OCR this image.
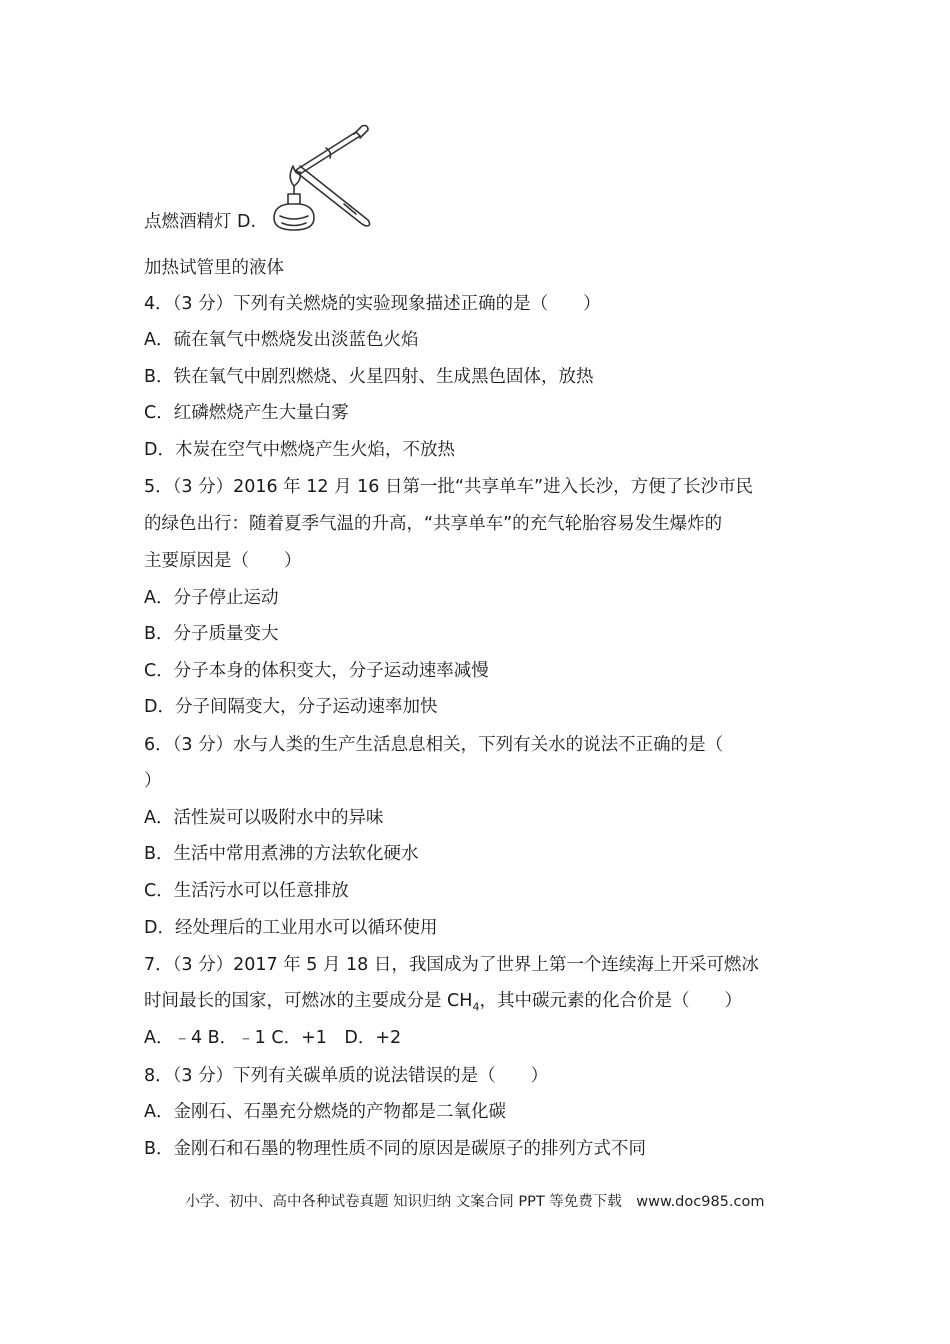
点燃酒精灯 D.
加热试管里的液体
4．（3 分）下列有关燃烧的实验现象描述正确的是（　　）
A．硫在氧气中燃烧发出淡蓝色火焰
B．铁在氧气中剧烈燃烧、火星四射、生成黑色固体，放热
C．红磷燃烧产生大量白雾
D．木炭在空气中燃烧产生火焰，不放热
5．（3 分）2016 年 12 月 16 日第一批“共享单车”进入长沙，方便了长沙市民
的绿色出行：随着夏季气温的升高，“共享单车”的充气轮胎容易发生爆炸的
主要原因是（　　）
A．分子停止运动
B．分子质量变大
C．分子本身的体积变大，分子运动速率减慢
D．分子间隔变大，分子运动速率加快
6．（3 分）水与人类的生产生活息息相关，下列有关水的说法不正确的是（
）
A．活性炭可以吸附水中的异味
B．生活中常用煮沸的方法软化硬水
C．生活污水可以任意排放
D．经处理后的工业用水可以循环使用
7．（3 分）2017 年 5 月 18 日，我国成为了世界上第一个连续海上开采可燃冰
时间最长的国家，可燃冰的主要成分是 $CH_4$，其中碳元素的化合价是（　　）
A．﹣4 B．﹣1 C．+1　D．+2
8．（3 分）下列有关碳单质的说法错误的是（　　）
A．金刚石、石墨充分燃烧的产物都是二氧化碳
B．金刚石和石墨的物理性质不同的原因是碳原子的排列方式不同
小学、初中、高中各种试卷真题 知识归纳 文案合同 PPT 等免费下载　www.doc985.com
